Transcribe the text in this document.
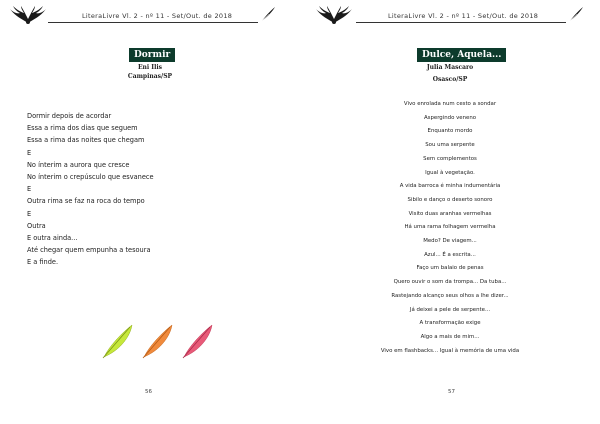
LiteraLivre Vl. 2 - nº 11 - Set/Out. de 2018
Dormir
Eni Ilis
Campinas/SP
Dormir depois de acordar
Essa a rima dos dias que seguem
Essa a rima das noites que chegam
E
No ínterim a aurora que cresce
No ínterim o crepúsculo que esvanece
E
Outra rima se faz na roca do tempo
E
Outra
E outra ainda...
Até chegar quem empunha a tesoura
E a finde.
56
LiteraLivre Vl. 2 - nº 11 - Set/Out. de 2018
Dulce, Aquela...
Julia Mascaro
Osasco/SP
57
Vivo enrolada num cesto a sondar
Aspergindo veneno
Enquanto mordo
Sou uma serpente
Sem complementos
Igual à vegetação.
A vida barroca é minha indumentária
Sibilo e danço o deserto sonoro
Visito duas aranhas vermelhas
Há uma rama folhagem vermelha
Medo? De viagem...
Azul... É a escrita...
Faço um balaio de penas
Quero ouvir o som da trompa... Da tuba...
Rastejando alcanço seus olhos a lhe dizer...
Já deixei a pele de serpente...
A transformação exige
Algo a mais de mim...
Vivo em flashbacks... Igual à memória de uma vida
